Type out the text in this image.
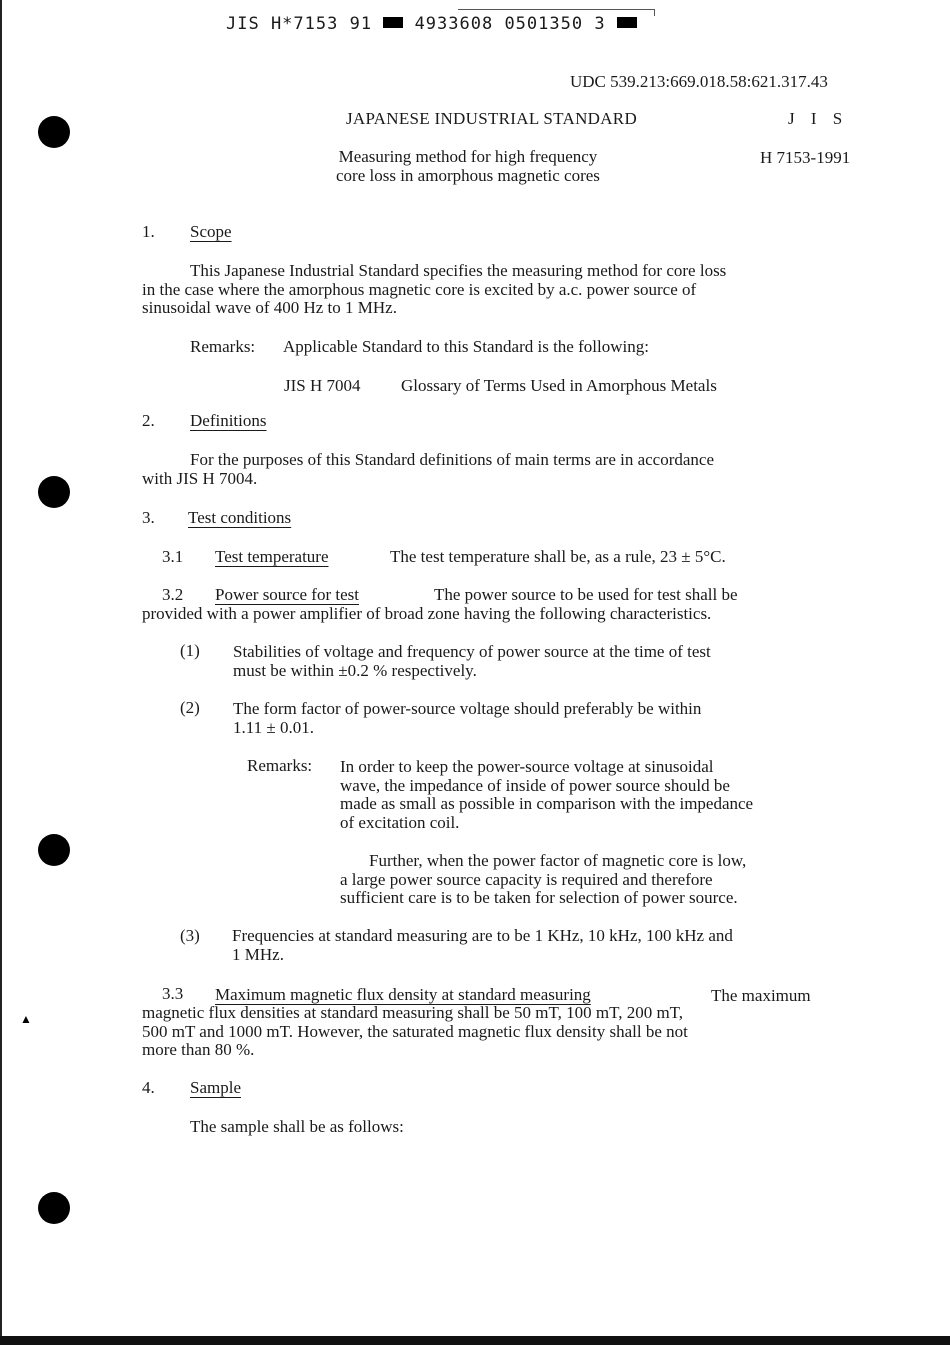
▲
JIS H*7153 91	4933608 0501350 3
UDC 539.213:669.018.58:621.317.43
JAPANESE INDUSTRIAL STANDARD	J I S
Measuring method for high frequency
core loss in amorphous magnetic cores
H 7153-1991
1. Scope
This Japanese Industrial Standard specifies the measuring method for core loss
in the case where the amorphous magnetic core is excited by a.c. power source of
sinusoidal wave of 400 Hz to 1 MHz.
Remarks: Applicable Standard to this Standard is the following:
JIS H 7004 Glossary of Terms Used in Amorphous Metals
2. Definitions
For the purposes of this Standard definitions of main terms are in accordance
with JIS H 7004.
3. Test conditions
3.1 Test temperature	The test temperature shall be, as a rule, 23 ± 5°C.
3.2 Power source for test	The power source to be used for test shall be
provided with a power amplifier of broad zone having the following characteristics.
(1) Stabilities of voltage and frequency of power source at the time of test
must be within ±0.2 % respectively.
(2) The form factor of power-source voltage should preferably be within
1.11 ± 0.01.
Remarks: In order to keep the power-source voltage at sinusoidal
wave, the impedance of inside of power source should be
made as small as possible in comparison with the impedance
of excitation coil.
Further, when the power factor of magnetic core is low,
a large power source capacity is required and therefore
sufficient care is to be taken for selection of power source.
(3) Frequencies at standard measuring are to be 1 KHz, 10 kHz, 100 kHz and
1 MHz.
3.3 Maximum magnetic flux density at standard measuring	The maximum
magnetic flux densities at standard measuring shall be 50 mT, 100 mT, 200 mT,
500 mT and 1000 mT. However, the saturated magnetic flux density shall be not
more than 80 %.
4. Sample
The sample shall be as follows:
